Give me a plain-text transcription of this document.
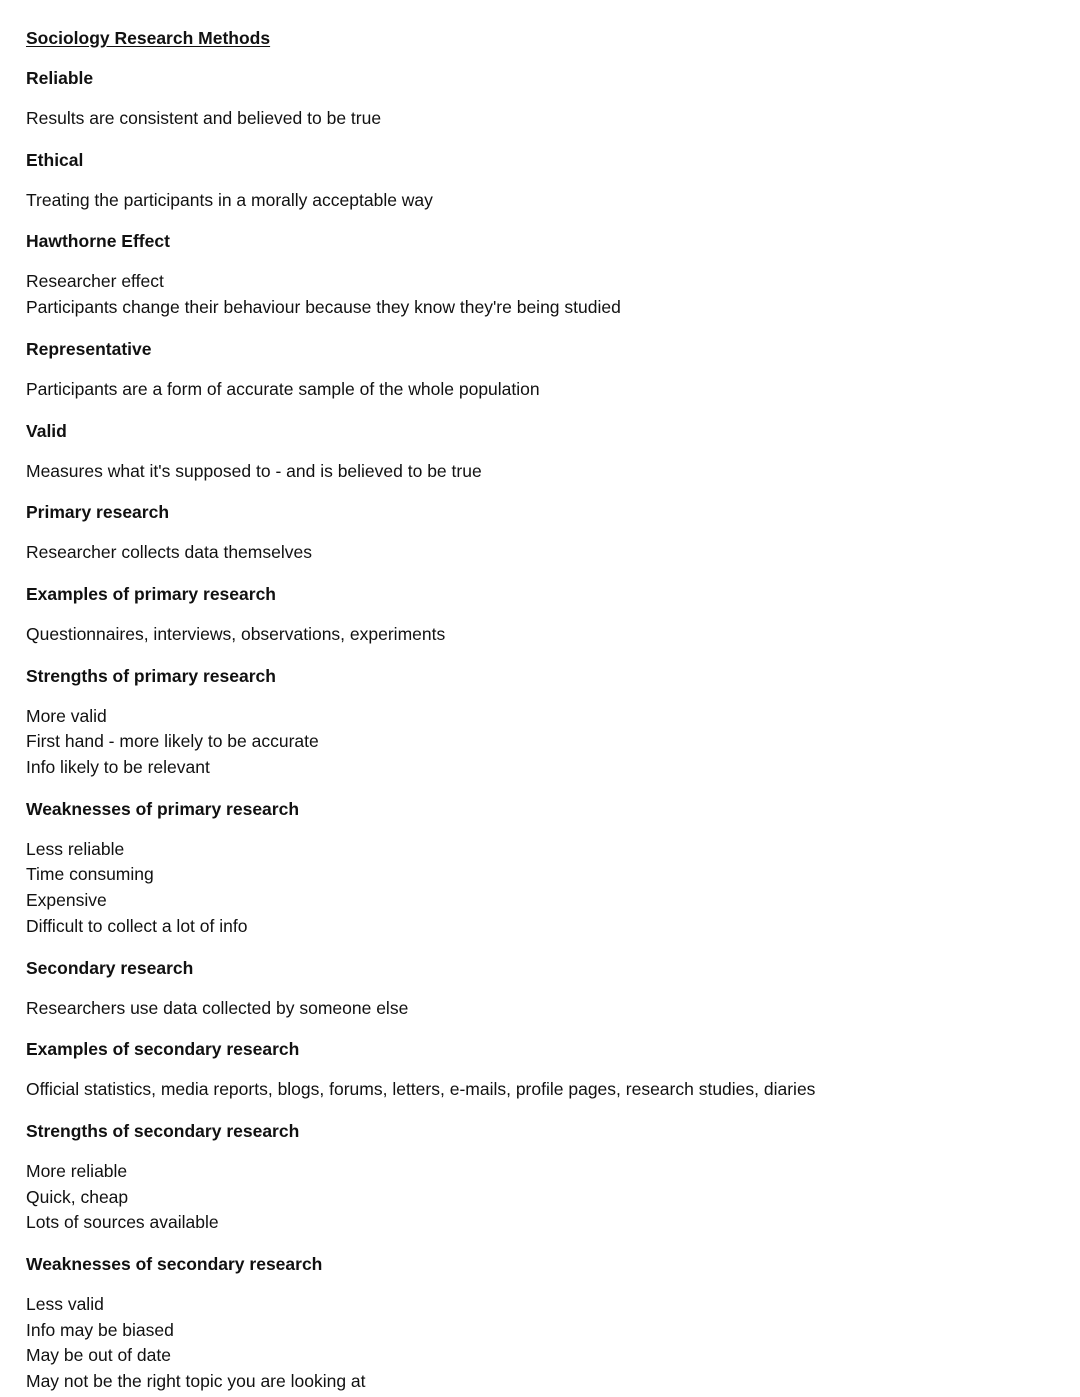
Sociology Research Methods
Reliable
Results are consistent and believed to be true
Ethical
Treating the participants in a morally acceptable way
Hawthorne Effect
Researcher effect
Participants change their behaviour because they know they're being studied
Representative
Participants are a form of accurate sample of the whole population
Valid
Measures what it's supposed to - and is believed to be true
Primary research
Researcher collects data themselves
Examples of primary research
Questionnaires, interviews, observations, experiments
Strengths of primary research
More valid
First hand - more likely to be accurate
Info likely to be relevant
Weaknesses of primary research
Less reliable
Time consuming
Expensive
Difficult to collect a lot of info
Secondary research
Researchers use data collected by someone else
Examples of secondary research
Official statistics, media reports, blogs, forums, letters, e-mails, profile pages, research studies, diaries
Strengths of secondary research
More reliable
Quick, cheap
Lots of sources available
Weaknesses of secondary research
Less valid
Info may be biased
May be out of date
May not be the right topic you are looking at
